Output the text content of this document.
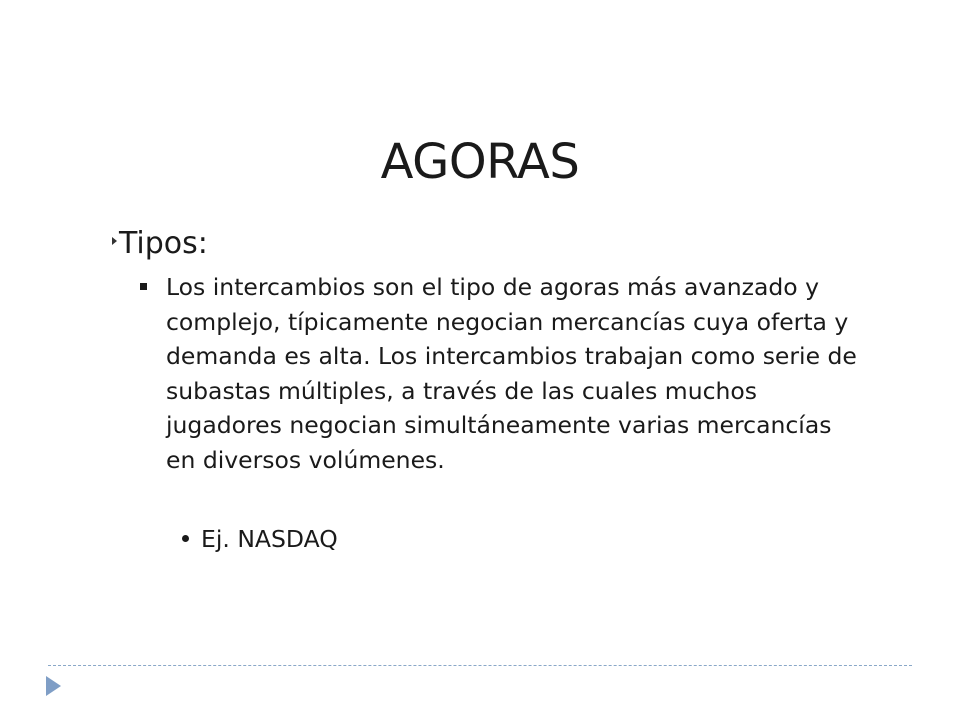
AGORAS
Tipos:
Los intercambios son el tipo de agoras más avanzado y complejo, típicamente negocian mercancías cuya oferta y demanda es alta. Los intercambios trabajan como serie de subastas múltiples, a través de las cuales muchos jugadores negocian simultáneamente varias mercancías en diversos volúmenes.
Ej. NASDAQ
